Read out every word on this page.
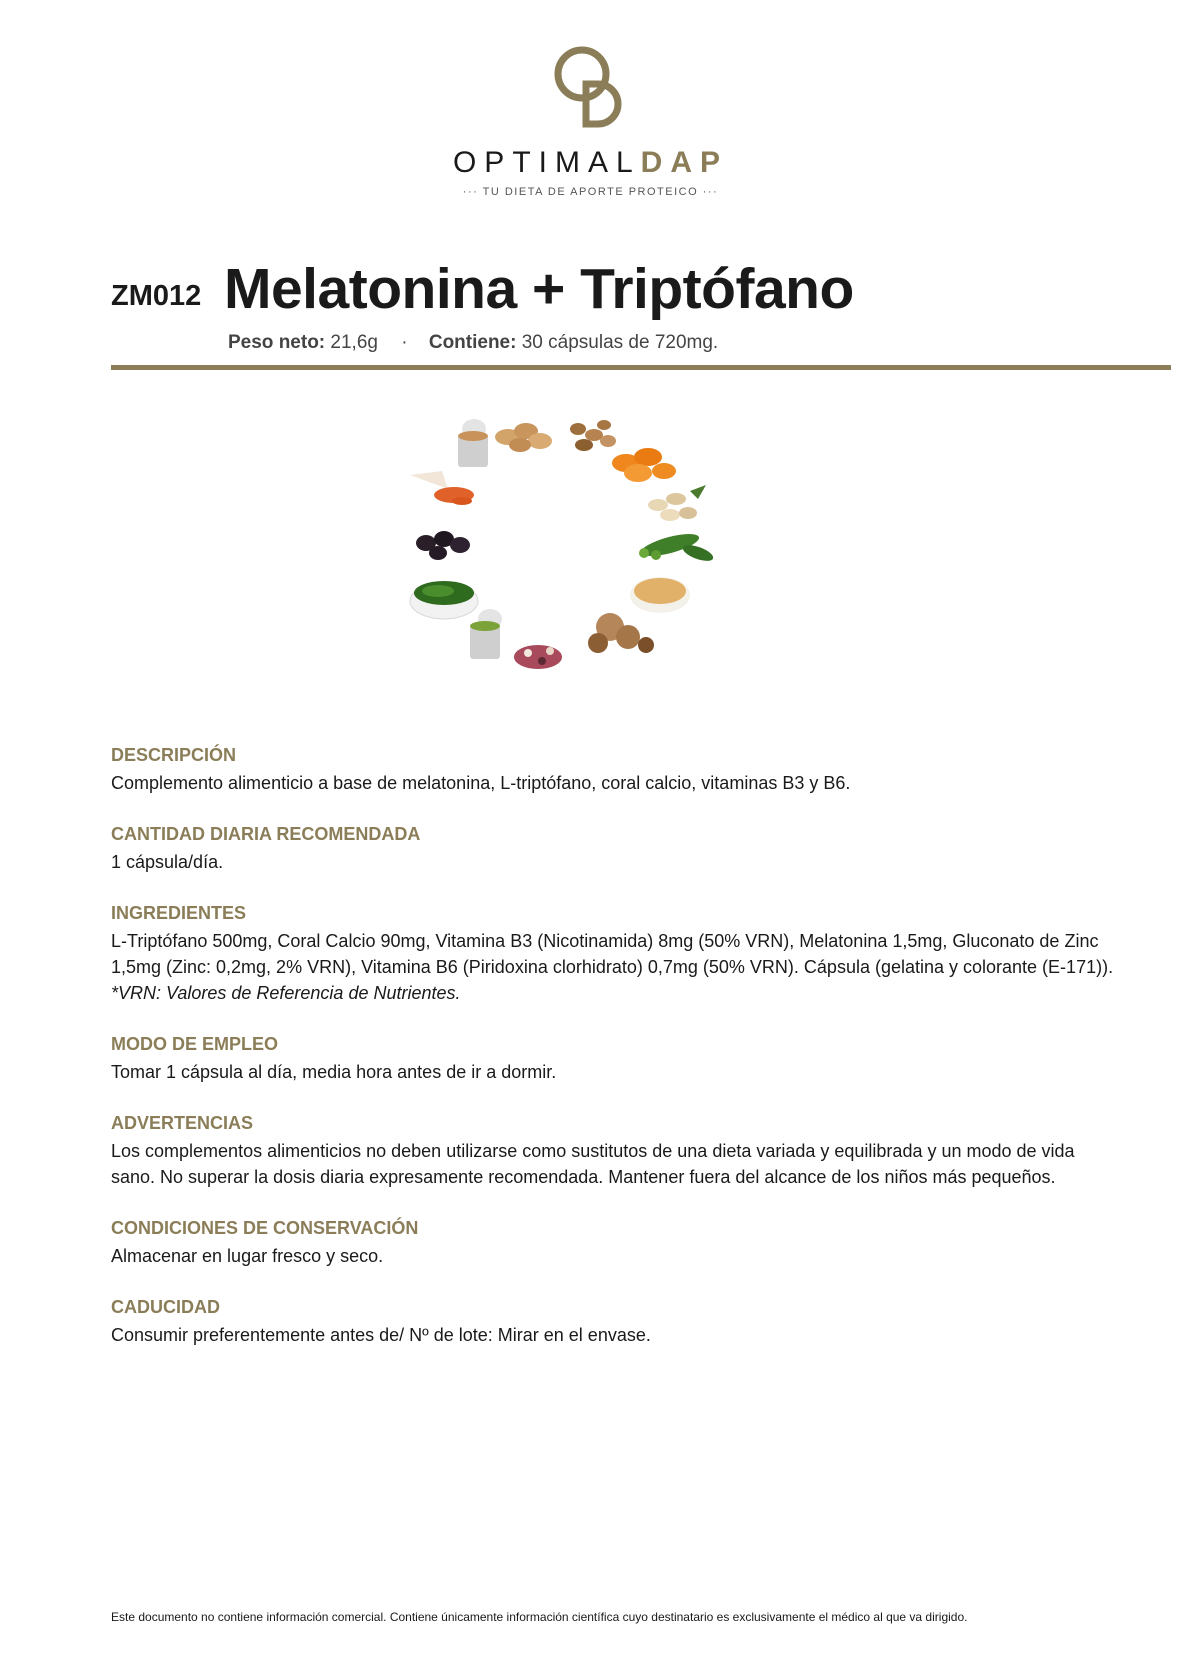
OPTIMALDAP
··· TU DIETA DE APORTE PROTEICO ···
ZM012 Melatonina + Triptófano
Peso neto: 21,6g · Contiene: 30 cápsulas de 720mg.
DESCRIPCIÓN

Complemento alimenticio a base de melatonina, L-triptófano, coral calcio, vitaminas B3 y B6.

CANTIDAD DIARIA RECOMENDADA

1 cápsula/día.

INGREDIENTES

L-Triptófano 500mg, Coral Calcio 90mg, Vitamina B3 (Nicotinamida) 8mg (50% VRN), Melatonina 1,5mg, Gluconato de Zinc 1,5mg (Zinc: 0,2mg, 2% VRN), Vitamina B6 (Piridoxina clorhidrato) 0,7mg (50% VRN). Cápsula (gelatina y colorante (E-171)).

*VRN: Valores de Referencia de Nutrientes.

MODO DE EMPLEO

Tomar 1 cápsula al día, media hora antes de ir a dormir.

ADVERTENCIAS

Los complementos alimenticios no deben utilizarse como sustitutos de una dieta variada y equilibrada y un modo de vida sano. No superar la dosis diaria expresamente recomendada. Mantener fuera del alcance de los niños más pequeños.

CONDICIONES DE CONSERVACIÓN

Almacenar en lugar fresco y seco.

CADUCIDAD

Consumir preferentemente antes de/ Nº de lote: Mirar en el envase.

Este documento no contiene información comercial. Contiene únicamente información científica cuyo destinatario es exclusivamente el médico al que va dirigido.
